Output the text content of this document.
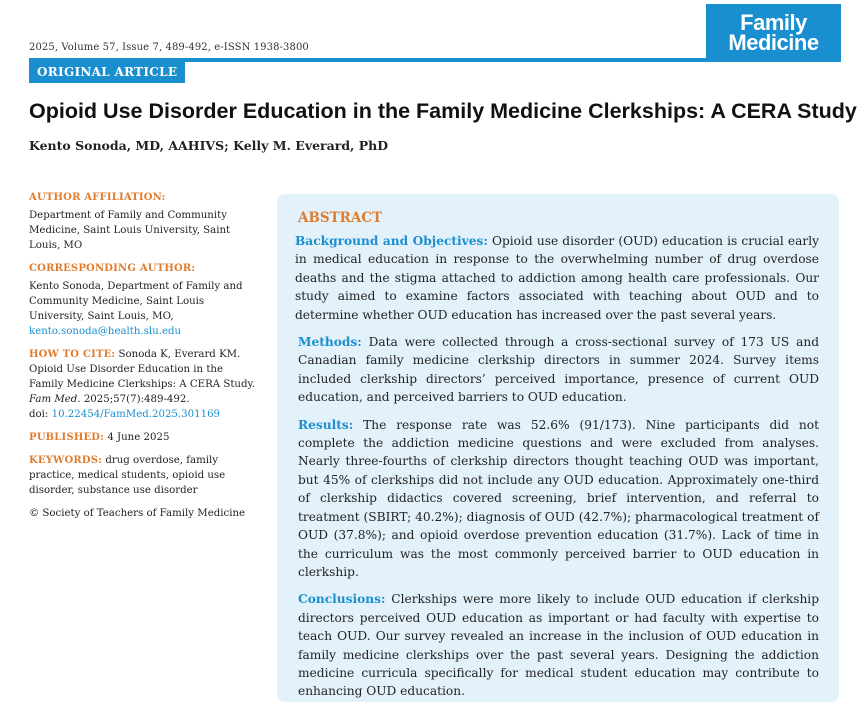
2025, Volume 57, Issue 7, 489-492, e-ISSN 1938-3800
Family
Medicine
ORIGINAL ARTICLE
Opioid Use Disorder Education in the Family Medicine Clerkships: A CERA Study

Kento Sonoda, MD, AAHIVS; Kelly M. Everard, PhD

AUTHOR AFFILIATION:
Department of Family and Community Medicine, Saint Louis University, Saint Louis, MO
CORRESPONDING AUTHOR:
Kento Sonoda, Department of Family and Community Medicine, Saint Louis University, Saint Louis, MO, kento.sonoda@health.slu.edu
HOW TO CITE: Sonoda K, Everard KM. Opioid Use Disorder Education in the Family Medicine Clerkships: A CERA Study. Fam Med. 2025;57(7):489-492.
doi: 10.22454/FamMed.2025.301169
PUBLISHED: 4 June 2025
KEYWORDS: drug overdose, family practice, medical students, opioid use disorder, substance use disorder
© Society of Teachers of Family Medicine
ABSTRACT

Background and Objectives: Opioid use disorder (OUD) education is crucial early in medical education in response to the overwhelming number of drug overdose deaths and the stigma attached to addiction among health care professionals. Our study aimed to examine factors associated with teaching about OUD and to determine whether OUD education has increased over the past several years.

Methods: Data were collected through a cross-sectional survey of 173 US and Canadian family medicine clerkship directors in summer 2024. Survey items included clerkship directors’ perceived importance, presence of current OUD education, and perceived barriers to OUD education.

Results: The response rate was 52.6% (91/173). Nine participants did not complete the addiction medicine questions and were excluded from analyses. Nearly three-fourths of clerkship directors thought teaching OUD was important, but 45% of clerkships did not include any OUD education. Approximately one-third of clerkship didactics covered screening, brief intervention, and referral to treatment (SBIRT; 40.2%); diagnosis of OUD (42.7%); pharmacological treatment of OUD (37.8%); and opioid overdose prevention education (31.7%). Lack of time in the curriculum was the most commonly perceived barrier to OUD education in clerkship.

Conclusions: Clerkships were more likely to include OUD education if clerkship directors perceived OUD education as important or had faculty with expertise to teach OUD. Our survey revealed an increase in the inclusion of OUD education in family medicine clerkships over the past several years. Designing the addiction medicine curricula specifically for medical student education may contribute to enhancing OUD education.
